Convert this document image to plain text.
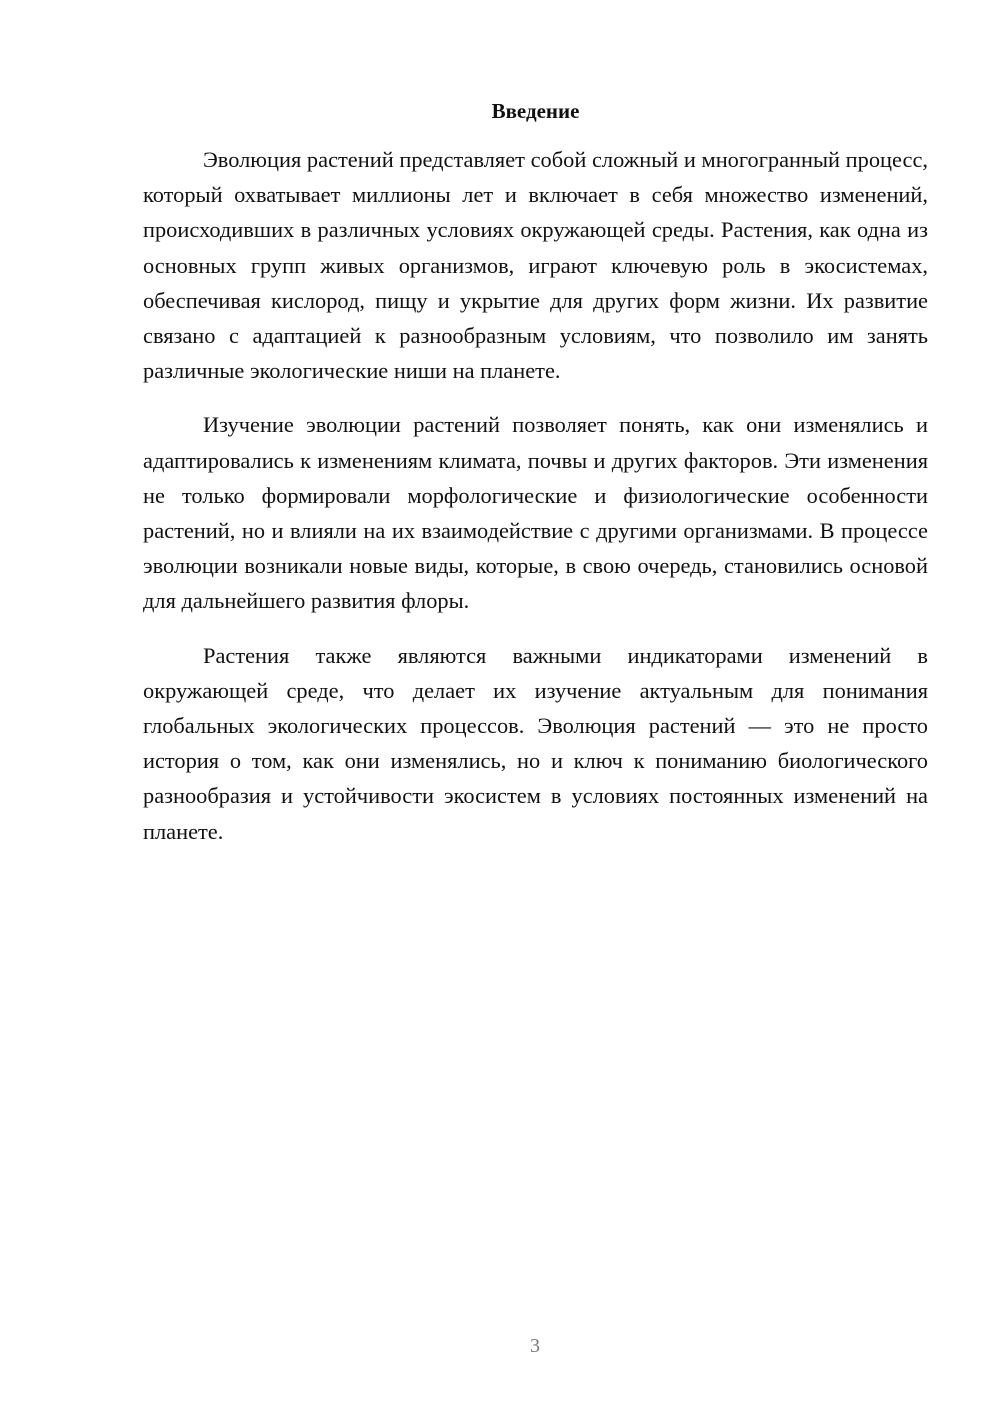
Введение

Эволюция растений представляет собой сложный и многогранный процесс, который охватывает миллионы лет и включает в себя множество изменений, происходивших в различных условиях окружающей среды. Растения, как одна из основных групп живых организмов, играют ключевую роль в экосистемах, обеспечивая кислород, пищу и укрытие для других форм жизни. Их развитие связано с адаптацией к разнообразным условиям, что позволило им занять различные экологические ниши на планете.

Изучение эволюции растений позволяет понять, как они изменялись и адаптировались к изменениям климата, почвы и других факторов. Эти изменения не только формировали морфологические и физиологические особенности растений, но и влияли на их взаимодействие с другими организмами. В процессе эволюции возникали новые виды, которые, в свою очередь, становились основой для дальнейшего развития флоры.

Растения также являются важными индикаторами изменений в окружающей среде, что делает их изучение актуальным для понимания глобальных экологических процессов. Эволюция растений — это не просто история о том, как они изменялись, но и ключ к пониманию биологического разнообразия и устойчивости экосистем в условиях постоянных изменений на планете.

3
